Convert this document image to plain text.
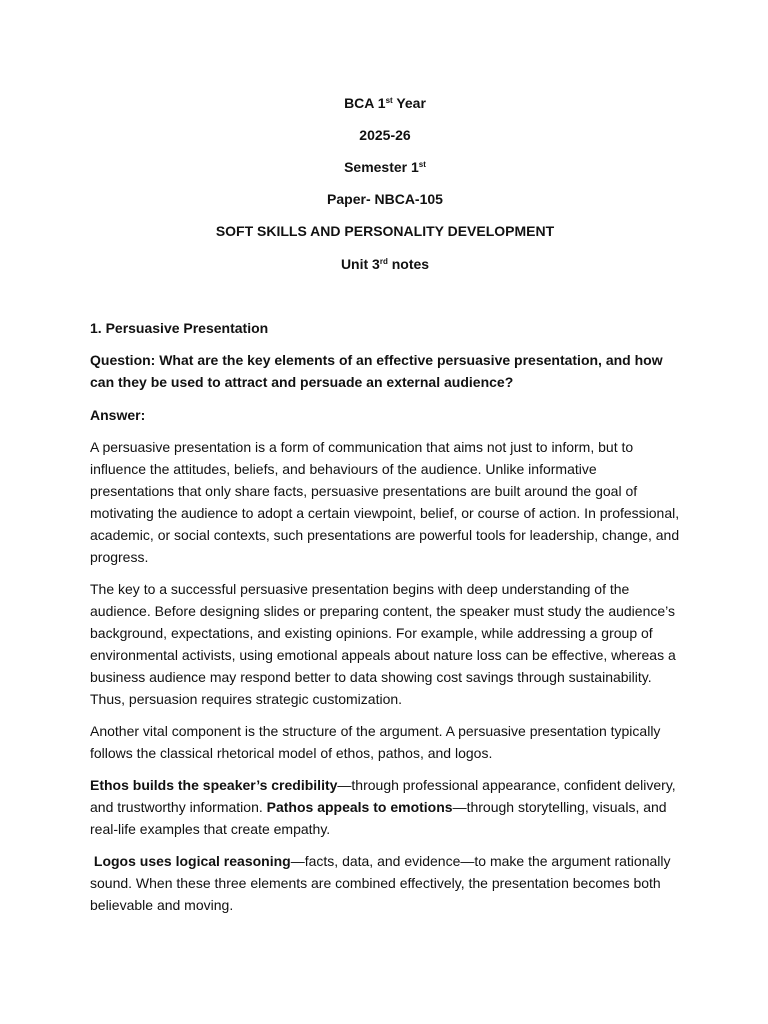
BCA 1st Year
2025-26
Semester 1st
Paper- NBCA-105
SOFT SKILLS AND PERSONALITY DEVELOPMENT
Unit 3rd notes

1. Persuasive Presentation

Question: What are the key elements of an effective persuasive presentation, and how can they be used to attract and persuade an external audience?

Answer:

A persuasive presentation is a form of communication that aims not just to inform, but to influence the attitudes, beliefs, and behaviours of the audience. Unlike informative presentations that only share facts, persuasive presentations are built around the goal of motivating the audience to adopt a certain viewpoint, belief, or course of action. In professional, academic, or social contexts, such presentations are powerful tools for leadership, change, and progress.

The key to a successful persuasive presentation begins with deep understanding of the audience. Before designing slides or preparing content, the speaker must study the audience’s background, expectations, and existing opinions. For example, while addressing a group of environmental activists, using emotional appeals about nature loss can be effective, whereas a business audience may respond better to data showing cost savings through sustainability. Thus, persuasion requires strategic customization.

Another vital component is the structure of the argument. A persuasive presentation typically follows the classical rhetorical model of ethos, pathos, and logos.

Ethos builds the speaker’s credibility—through professional appearance, confident delivery, and trustworthy information. Pathos appeals to emotions—through storytelling, visuals, and real-life examples that create empathy.

Logos uses logical reasoning—facts, data, and evidence—to make the argument rationally sound. When these three elements are combined effectively, the presentation becomes both believable and moving.
